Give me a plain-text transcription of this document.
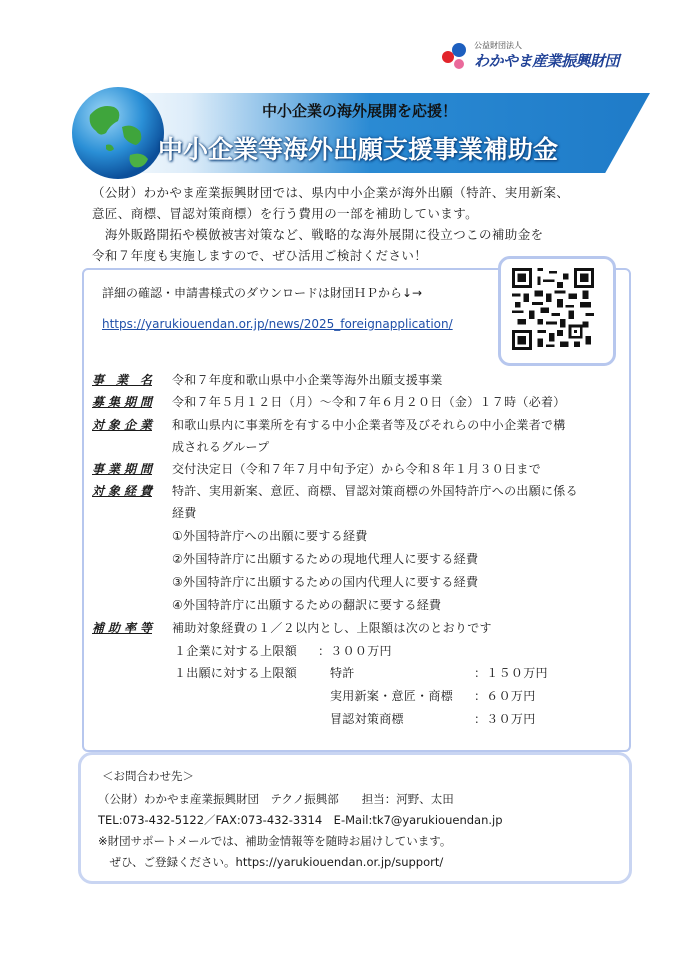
公益財団法人
わかやま産業振興財団
中小企業の海外展開を応援！
中小企業等海外出願支援事業補助金
（公財）わかやま産業振興財団では、県内中小企業が海外出願（特許、実用新案、
意匠、商標、冒認対策商標）を行う費用の一部を補助しています。
　海外販路開拓や模倣被害対策など、戦略的な海外展開に役立つこの補助金を
令和７年度も実施しますので、ぜひ活用ご検討ください！
詳細の確認・申請書様式のダウンロードは財団ＨＰから↓→
https://yarukiouendan.or.jp/news/2025_foreignapplication/
事業名 令和７年度和歌山県中小企業等海外出願支援事業
募集期間 令和７年５月１２日（月）～令和７年６月２０日（金）１７時（必着）
対象企業 和歌山県内に事業所を有する中小企業者等及びそれらの中小企業者で構
成されるグループ
事業期間 交付決定日（令和７年７月中旬予定）から令和８年１月３０日まで
対象経費 特許、実用新案、意匠、商標、冒認対策商標の外国特許庁への出願に係る
経費
①外国特許庁への出願に要する経費
②外国特許庁に出願するための現地代理人に要する経費
③外国特許庁に出願するための国内代理人に要する経費
④外国特許庁に出願するための翻訳に要する経費
補助率等 補助対象経費の１／２以内とし、上限額は次のとおりです
１企業に対する上限額 ：３００万円
１出願に対する上限額	特許	：１５０万円
実用新案・意匠・商標 ：６０万円
冒認対策商標	：３０万円
＜お問合わせ先＞
（公財）わかやま産業振興財団　テクノ振興部　　担当：河野、太田
TEL:073-432-5122／FAX:073-432-3314　E-Mail:tk7@yarukiouendan.jp
※財団サポートメールでは、補助金情報等を随時お届けしています。
　ぜひ、ご登録ください。https://yarukiouendan.or.jp/support/
